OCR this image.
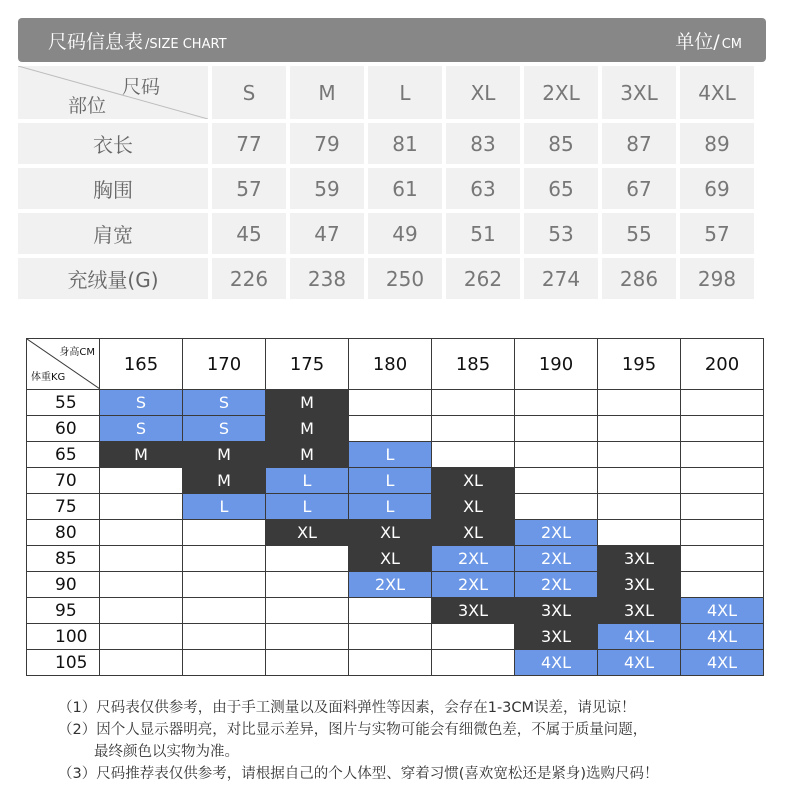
尺码信息表 /SIZE CHART	单位/ CM
尺码
部位	S	M	L	XL	2XL	3XL	4XL
衣长	77	79	81	83	85	87	89
胸围	57	59	61	63	65	67	69
肩宽	45	47	49	51	53	55	57
充绒量(G)	226	238	250	262	274	286	298
身高CM
体重KG	165	170	175	180	185	190	195	200
55	S	S	M					
60	S	S	M					
65	M	M	M	L				
70		M	L	L	XL			
75		L	L	L	XL			
80			XL	XL	XL	2XL		
85				XL	2XL	2XL	3XL	
90				2XL	2XL	2XL	3XL	
95					3XL	3XL	3XL	4XL
100						3XL	4XL	4XL
105						4XL	4XL	4XL
（1）尺码表仅供参考，由于手工测量以及面料弹性等因素，会存在1-3CM误差，请见谅！
（2）因个人显示器明亮，对比显示差异，图片与实物可能会有细微色差，不属于质量问题，
最终颜色以实物为准。
（3）尺码推荐表仅供参考，请根据自己的个人体型、穿着习惯(喜欢宽松还是紧身)选购尺码！
